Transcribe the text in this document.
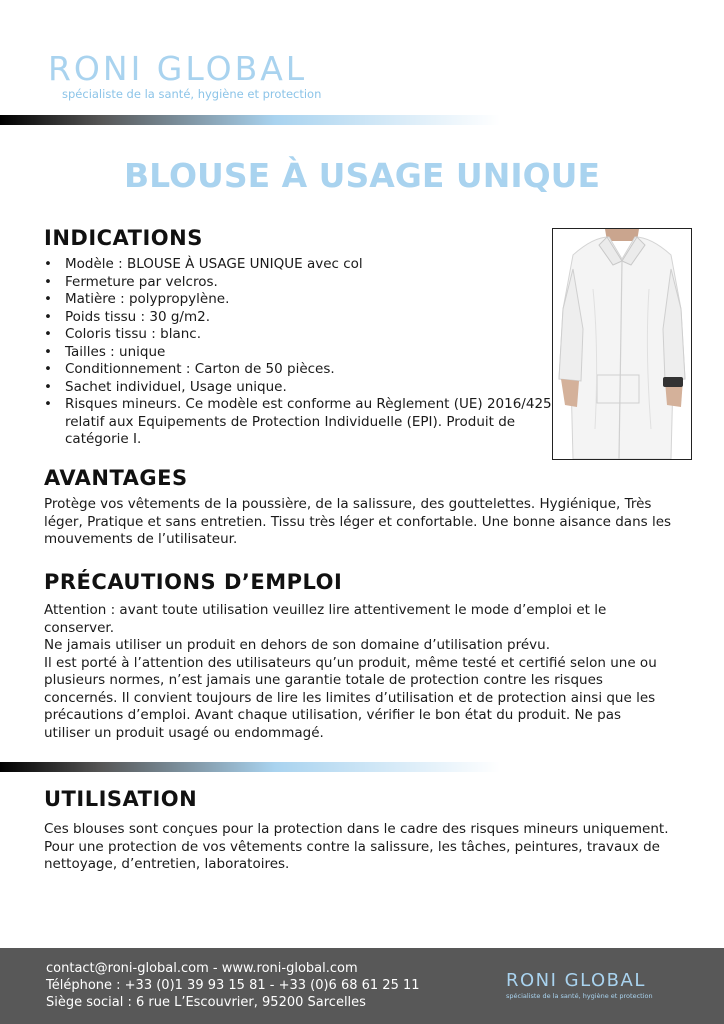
RONI GLOBAL
spécialiste de la santé, hygiène et protection
BLOUSE À USAGE UNIQUE
INDICATIONS
• Modèle : BLOUSE À USAGE UNIQUE avec col
• Fermeture par velcros.
• Matière : polypropylène.
• Poids tissu : 30 g/m2.
• Coloris tissu : blanc.
• Tailles : unique
• Conditionnement : Carton de 50 pièces.
• Sachet individuel, Usage unique.
• Risques mineurs. Ce modèle est conforme au Règlement (UE) 2016/425 relatif aux Equipements de Protection Individuelle (EPI). Produit de catégorie I.
AVANTAGES

Protège vos vêtements de la poussière, de la salissure, des gouttelettes. Hygiénique, Très léger, Pratique et sans entretien. Tissu très léger et confortable. Une bonne aisance dans les mouvements de l’utilisateur.

PRÉCAUTIONS D’EMPLOI
Attention : avant toute utilisation veuillez lire attentivement le mode d’emploi et le conserver.
Ne jamais utiliser un produit en dehors de son domaine d’utilisation prévu.
Il est porté à l’attention des utilisateurs qu’un produit, même testé et certifié selon une ou plusieurs normes, n’est jamais une garantie totale de protection contre les risques concernés. Il convient toujours de lire les limites d’utilisation et de protection ainsi que les précautions d’emploi. Avant chaque utilisation, vérifier le bon état du produit. Ne pas utiliser un produit usagé ou endommagé.
UTILISATION

Ces blouses sont conçues pour la protection dans le cadre des risques mineurs uniquement. Pour une protection de vos vêtements contre la salissure, les tâches, peintures, travaux de nettoyage, d’entretien, laboratoires.

contact@roni-global.com - www.roni-global.com
Téléphone : +33 (0)1 39 93 15 81 - +33 (0)6 68 61 25 11
Siège social : 6 rue L’Escouvrier, 95200 Sarcelles
RONI GLOBAL
spécialiste de la santé, hygiène et protection
